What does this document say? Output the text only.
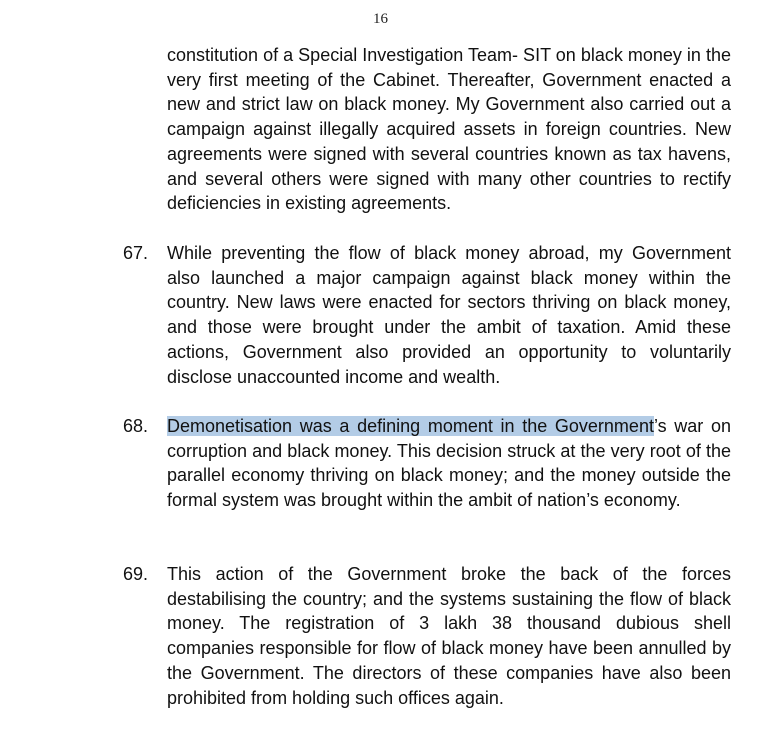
16

constitution of a Special Investigation Team- SIT on black money in the very first meeting of the Cabinet. Thereafter, Government enacted a new and strict law on black money. My Government also carried out a campaign against illegally acquired assets in foreign countries. New agreements were signed with several countries known as tax havens, and several others were signed with many other countries to rectify deficiencies in existing agreements.

67. While preventing the flow of black money abroad, my Government also launched a major campaign against black money within the country. New laws were enacted for sectors thriving on black money, and those were brought under the ambit of taxation. Amid these actions, Government also provided an opportunity to voluntarily disclose unaccounted income and wealth.

68. Demonetisation was a defining moment in the Government’s war on corruption and black money. This decision struck at the very root of the parallel economy thriving on black money; and the money outside the formal system was brought within the ambit of nation’s economy.

69. This action of the Government broke the back of the forces destabilising the country; and the systems sustaining the flow of black money. The registration of 3 lakh 38 thousand dubious shell companies responsible for flow of black money have been annulled by the Government. The directors of these companies have also been prohibited from holding such offices again.
